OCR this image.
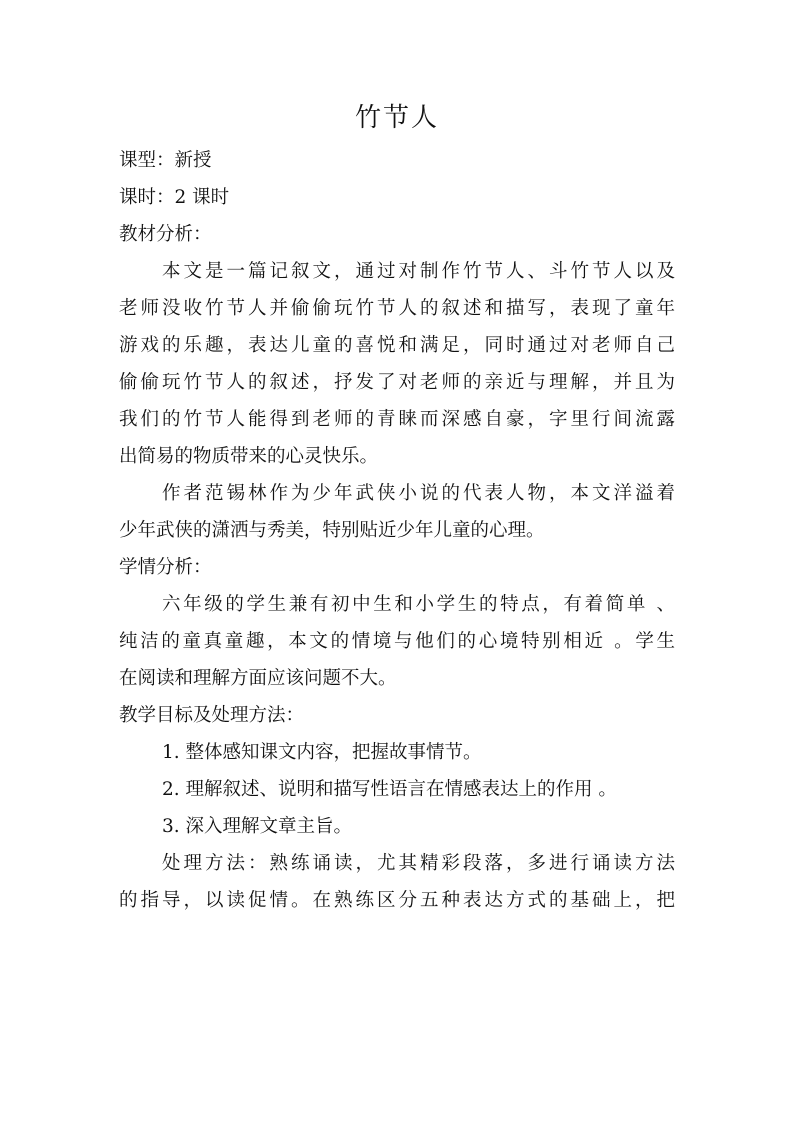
竹节人
课型：新授
课时：2 课时
教材分析：
本文是一篇记叙文，通过对制作竹节人、斗竹节人以及
老师没收竹节人并偷偷玩竹节人的叙述和描写，表现了童年
游戏的乐趣，表达儿童的喜悦和满足，同时通过对老师自己
偷偷玩竹节人的叙述，抒发了对老师的亲近与理解，并且为
我们的竹节人能得到老师的青睐而深感自豪，字里行间流露
出简易的物质带来的心灵快乐。
作者范锡林作为少年武侠小说的代表人物，本文洋溢着
少年武侠的潇洒与秀美，特别贴近少年儿童的心理。
学情分析：
六年级的学生兼有初中生和小学生的特点，有着简单 、
纯洁的童真童趣，本文的情境与他们的心境特别相近 。学生
在阅读和理解方面应该问题不大。
教学目标及处理方法：
1. 整体感知课文内容，把握故事情节。
2. 理解叙述、说明和描写性语言在情感表达上的作用 。
3. 深入理解文章主旨。
处理方法：熟练诵读，尤其精彩段落，多进行诵读方法
的指导，以读促情。在熟练区分五种表达方式的基础上，把
